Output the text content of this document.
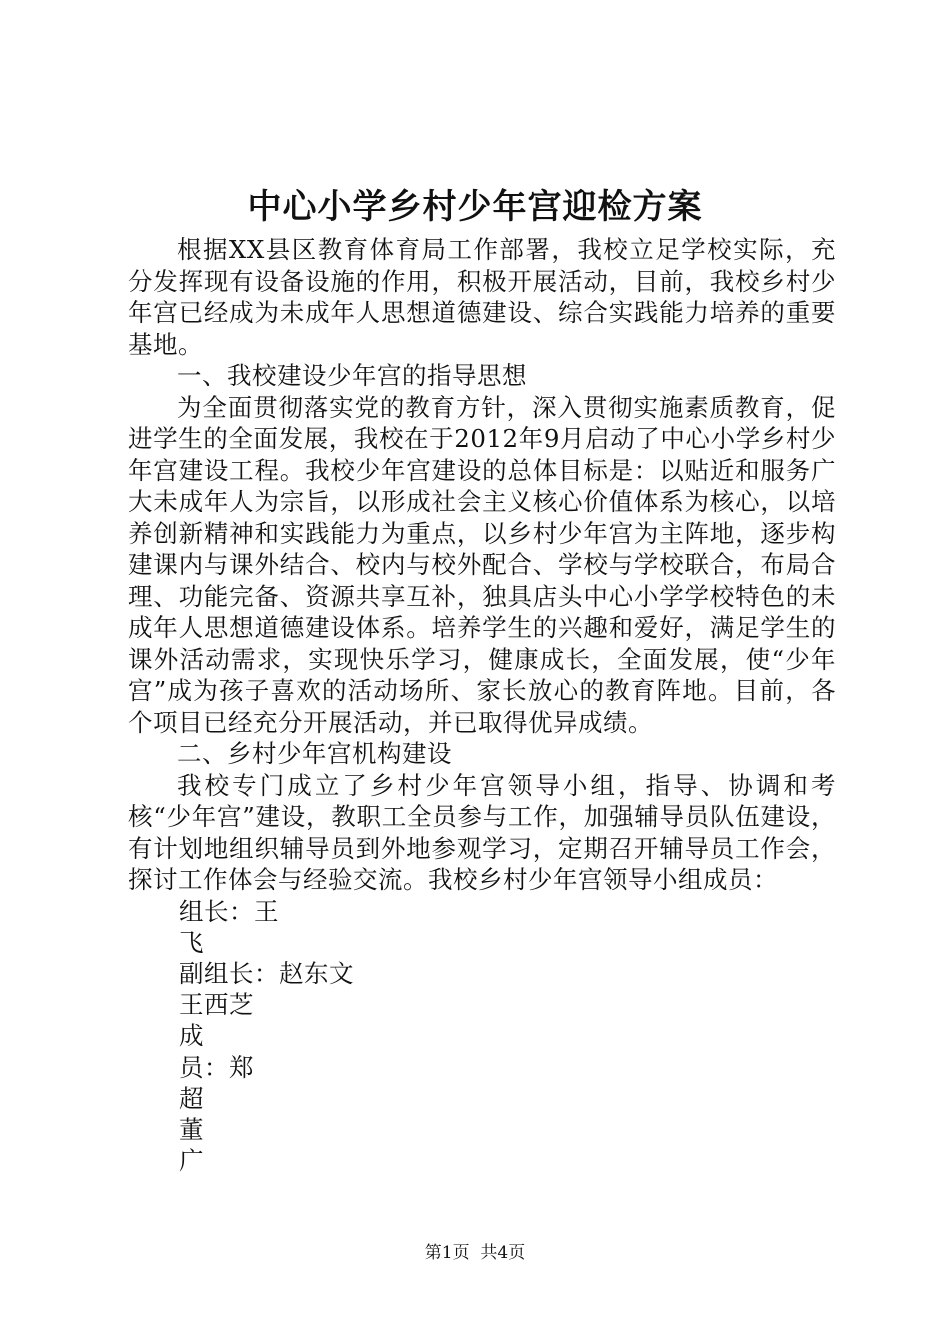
中心小学乡村少年宫迎检方案

根据XX县区教育体育局工作部署，我校立足学校实际，充分发挥现有设备设施的作用，积极开展活动，目前，我校乡村少年宫已经成为未成年人思想道德建设、综合实践能力培养的重要基地。

一、我校建设少年宫的指导思想

为全面贯彻落实党的教育方针，深入贯彻实施素质教育，促进学生的全面发展，我校在于2012年9月启动了中心小学乡村少年宫建设工程。我校少年宫建设的总体目标是：以贴近和服务广大未成年人为宗旨，以形成社会主义核心价值体系为核心，以培养创新精神和实践能力为重点，以乡村少年宫为主阵地，逐步构建课内与课外结合、校内与校外配合、学校与学校联合，布局合理、功能完备、资源共享互补，独具店头中心小学学校特色的未成年人思想道德建设体系。培养学生的兴趣和爱好，满足学生的课外活动需求，实现快乐学习，健康成长，全面发展，使“少年宫”成为孩子喜欢的活动场所、家长放心的教育阵地。目前，各个项目已经充分开展活动，并已取得优异成绩。

二、乡村少年宫机构建设

我校专门成立了乡村少年宫领导小组，指导、协调和考核“少年宫”建设，教职工全员参与工作，加强辅导员队伍建设，有计划地组织辅导员到外地参观学习，定期召开辅导员工作会，探讨工作体会与经验交流。我校乡村少年宫领导小组成员：

组长：王
飞
副组长：赵东文
王西芝
成
员：郑
超
董
广
第1页 共4页
